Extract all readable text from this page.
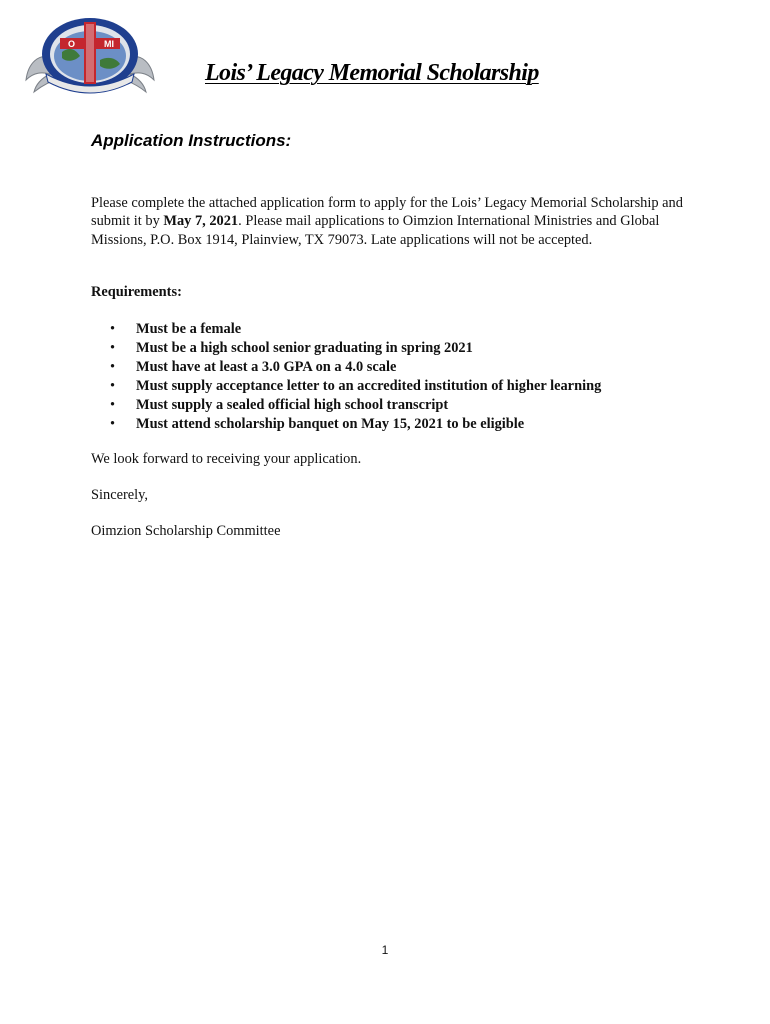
O	MI
Lois’ Legacy Memorial Scholarship
Application Instructions:

Please complete the attached application form to apply for the Lois’ Legacy Memorial Scholarship and submit it by May 7, 2021. Please mail applications to Oimzion International Ministries and Global Missions, P.O. Box 1914, Plainview, TX 79073. Late applications will not be accepted.

Requirements:

• Must be a female
• Must be a high school senior graduating in spring 2021
• Must have at least a 3.0 GPA on a 4.0 scale
• Must supply acceptance letter to an accredited institution of higher learning
• Must supply a sealed official high school transcript
• Must attend scholarship banquet on May 15, 2021 to be eligible

We look forward to receiving your application.

Sincerely,

Oimzion Scholarship Committee

1
